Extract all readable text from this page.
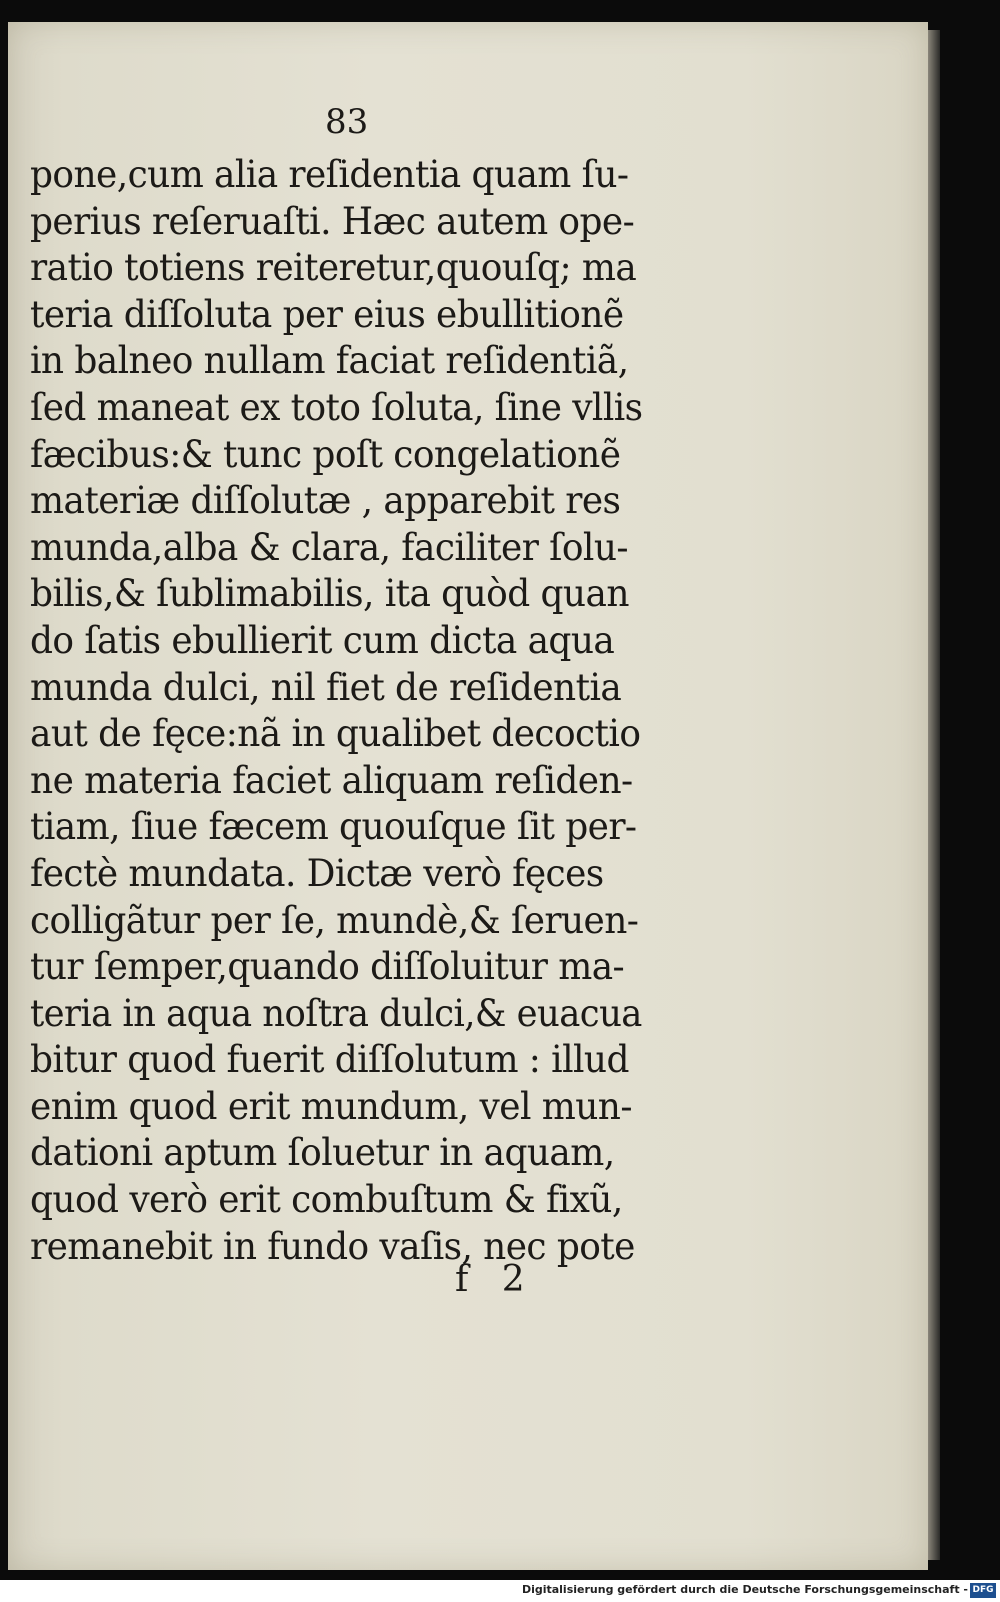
83
pone,cum alia reſidentia quam ſu-
perius reſeruaſti. Hæc autem ope-
ratio totiens reiteretur,quouſq; ma
teria diſſoluta per eius ebullitionẽ
in balneo nullam faciat reſidentiã,
ſed maneat ex toto ſoluta, ſine vllis
fæcibus:& tunc poſt congelationẽ
materiæ diſſolutæ , apparebit res
munda,alba & clara, faciliter ſolu-
bilis,& ſublimabilis, ita quòd quan
do ſatis ebullierit cum dicta aqua
munda dulci, nil fiet de reſidentia
aut de fęce:nã in qualibet decoctio
ne materia faciet aliquam reſiden-
tiam, ſiue fæcem quouſque ſit per-
fectè mundata. Dictæ verò fęces
colligãtur per ſe, mundè,& ſeruen-
tur ſemper,quando diſſoluitur ma-
teria in aqua noſtra dulci,& euacua
bitur quod fuerit diſſolutum : illud
enim quod erit mundum, vel mun-
dationi aptum ſoluetur in aquam,
quod verò erit combuſtum & fixũ,
remanebit in fundo vaſis, nec pote
f 2
Digitalisierung gefördert durch die Deutsche Forschungsgemeinschaft - DFG
